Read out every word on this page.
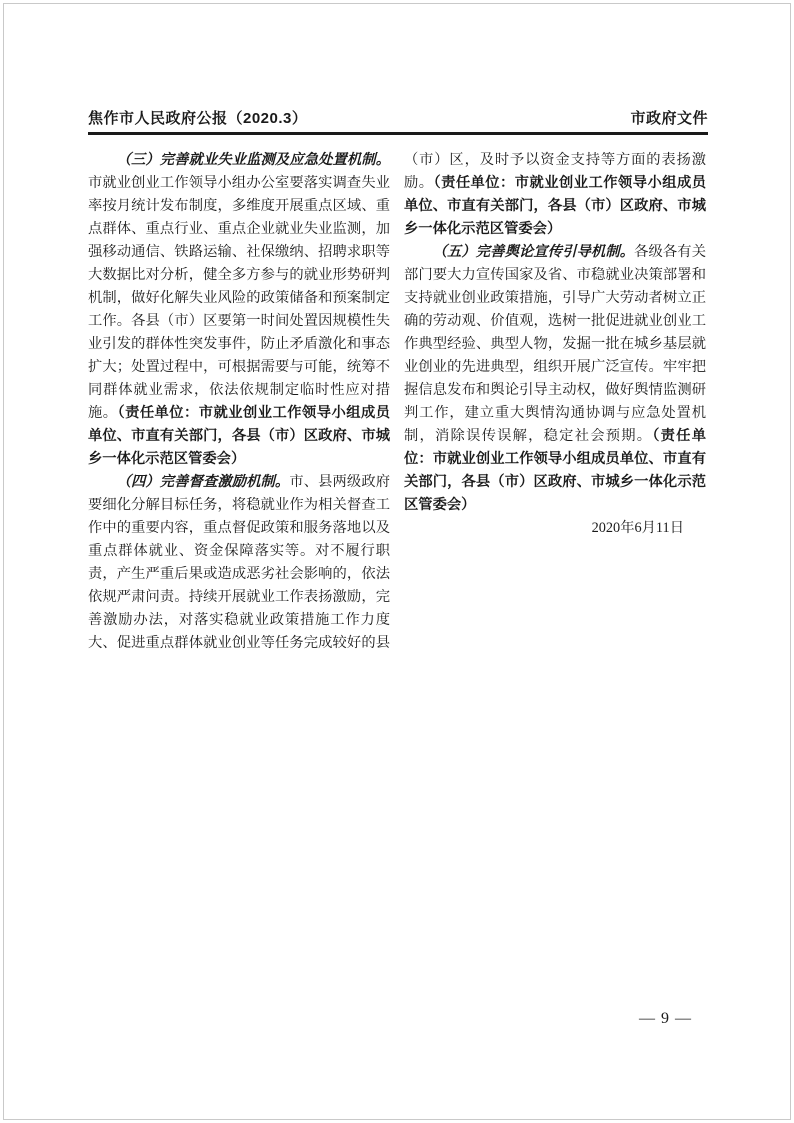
焦作市人民政府公报（2020.3）	市政府文件

（三）完善就业失业监测及应急处置机制。市就业创业工作领导小组办公室要落实调查失业率按月统计发布制度，多维度开展重点区域、重点群体、重点行业、重点企业就业失业监测，加强移动通信、铁路运输、社保缴纳、招聘求职等大数据比对分析，健全多方参与的就业形势研判机制，做好化解失业风险的政策储备和预案制定工作。各县（市）区要第一时间处置因规模性失业引发的群体性突发事件，防止矛盾激化和事态扩大；处置过程中，可根据需要与可能，统筹不同群体就业需求，依法依规制定临时性应对措施。（责任单位：市就业创业工作领导小组成员单位、市直有关部门，各县（市）区政府、市城乡一体化示范区管委会）

（四）完善督查激励机制。市、县两级政府要细化分解目标任务，将稳就业作为相关督查工作中的重要内容，重点督促政策和服务落地以及重点群体就业、资金保障落实等。对不履行职责，产生严重后果或造成恶劣社会影响的，依法依规严肃问责。持续开展就业工作表扬激励，完善激励办法，对落实稳就业政策措施工作力度大、促进重点群体就业创业等任务完成较好的县（市）区，及时予以资金支持等方面的表扬激励。（责任单位：市就业创业工作领导小组成员单位、市直有关部门，各县（市）区政府、市城乡一体化示范区管委会）

（五）完善舆论宣传引导机制。各级各有关部门要大力宣传国家及省、市稳就业决策部署和支持就业创业政策措施，引导广大劳动者树立正确的劳动观、价值观，选树一批促进就业创业工作典型经验、典型人物，发掘一批在城乡基层就业创业的先进典型，组织开展广泛宣传。牢牢把握信息发布和舆论引导主动权，做好舆情监测研判工作，建立重大舆情沟通协调与应急处置机制，消除误传误解，稳定社会预期。（责任单位：市就业创业工作领导小组成员单位、市直有关部门，各县（市）区政府、市城乡一体化示范区管委会）

2020年6月11日

— 9 —
